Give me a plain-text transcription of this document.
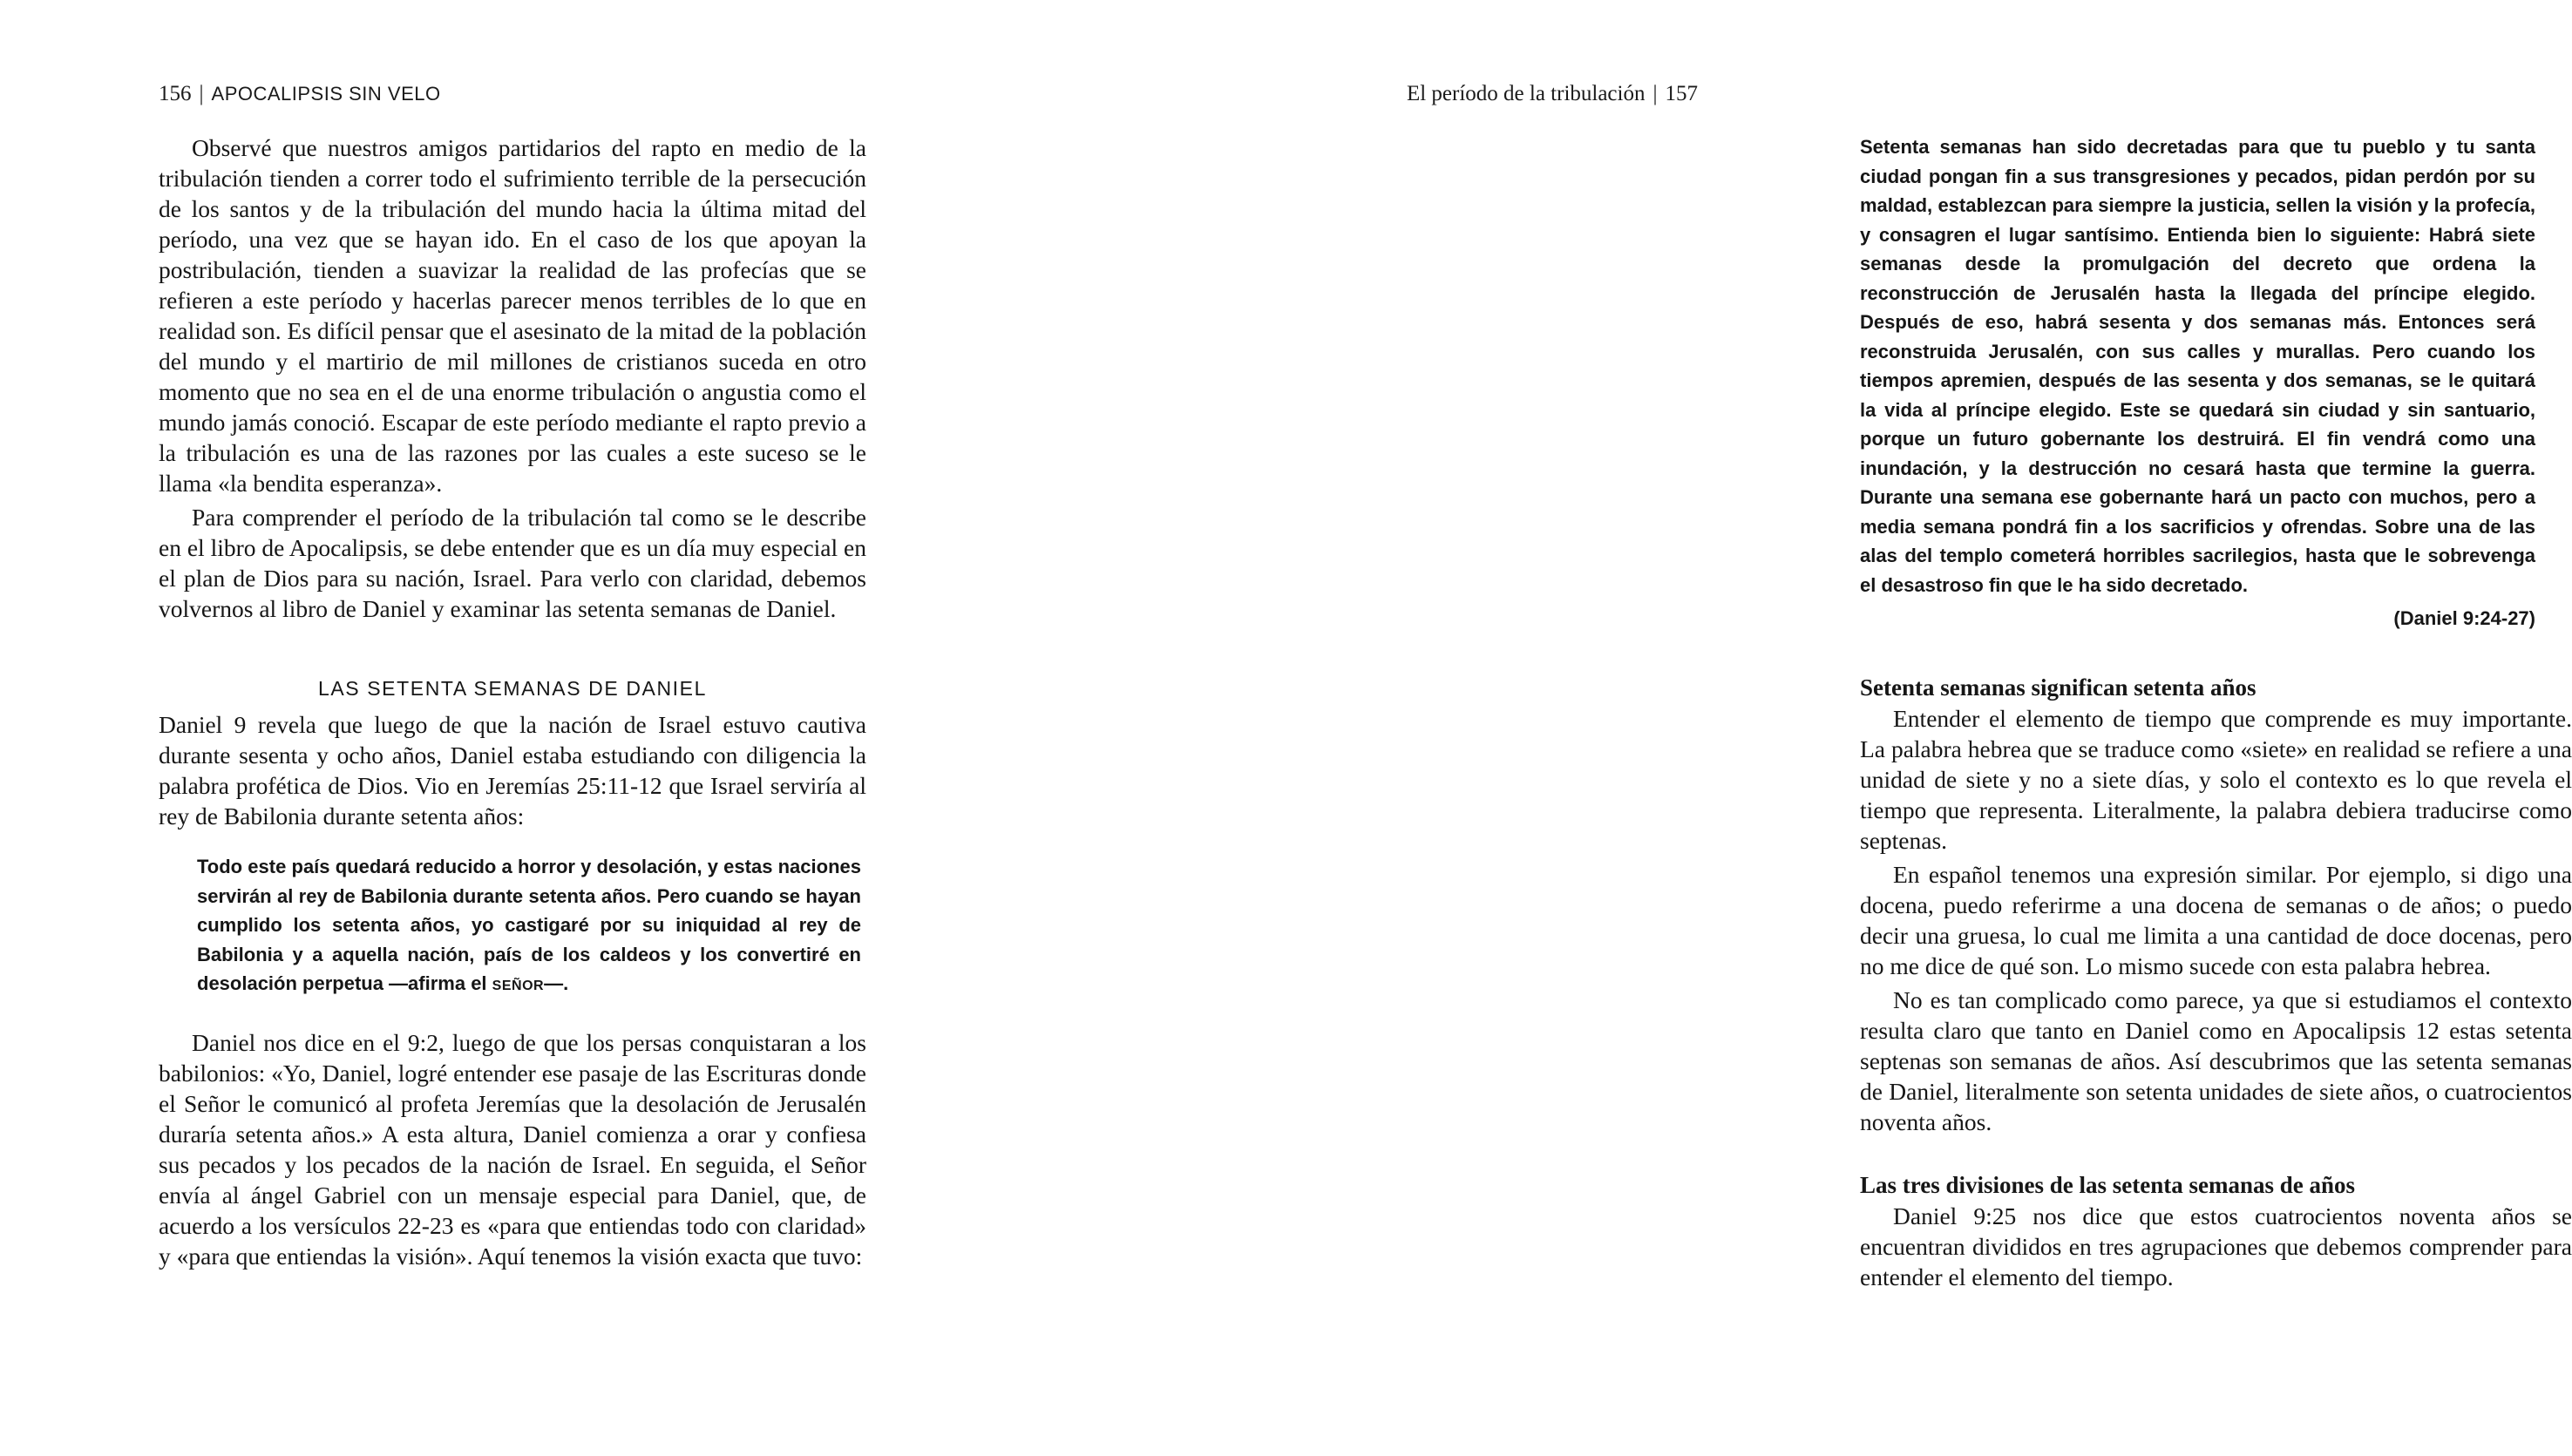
156 | APOCALIPSIS SIN VELO

Observé que nuestros amigos partidarios del rapto en medio de la tribulación tienden a correr todo el sufrimiento terrible de la persecución de los santos y de la tribulación del mundo hacia la última mitad del período, una vez que se hayan ido. En el caso de los que apoyan la postribulación, tienden a suavizar la realidad de las profecías que se refieren a este período y hacerlas parecer menos terribles de lo que en realidad son. Es difícil pensar que el asesinato de la mitad de la población del mundo y el martirio de mil millones de cristianos suceda en otro momento que no sea en el de una enorme tribulación o angustia como el mundo jamás conoció. Escapar de este período mediante el rapto previo a la tribulación es una de las razones por las cuales a este suceso se le llama «la bendita esperanza».

Para comprender el período de la tribulación tal como se le describe en el libro de Apocalipsis, se debe entender que es un día muy especial en el plan de Dios para su nación, Israel. Para verlo con claridad, debemos volvernos al libro de Daniel y examinar las setenta semanas de Daniel.

LAS SETENTA SEMANAS DE DANIEL

Daniel 9 revela que luego de que la nación de Israel estuvo cautiva durante sesenta y ocho años, Daniel estaba estudiando con diligencia la palabra profética de Dios. Vio en Jeremías 25:11-12 que Israel serviría al rey de Babilonia durante setenta años:

Todo este país quedará reducido a horror y desolación, y estas naciones servirán al rey de Babilonia durante setenta años. Pero cuando se hayan cumplido los setenta años, yo castigaré por su iniquidad al rey de Babilonia y a aquella nación, país de los caldeos y los convertiré en desolación perpetua —afirma el SEÑOR—.

Daniel nos dice en el 9:2, luego de que los persas conquistaran a los babilonios: «Yo, Daniel, logré entender ese pasaje de las Escrituras donde el Señor le comunicó al profeta Jeremías que la desolación de Jerusalén duraría setenta años.» A esta altura, Daniel comienza a orar y confiesa sus pecados y los pecados de la nación de Israel. En seguida, el Señor envía al ángel Gabriel con un mensaje especial para Daniel, que, de acuerdo a los versículos 22-23 es «para que entiendas todo con claridad» y «para que entiendas la visión». Aquí tenemos la visión exacta que tuvo:

El período de la tribulación | 157
Setenta semanas han sido decretadas para que tu pueblo y tu santa ciudad pongan fin a sus transgresiones y pecados, pidan perdón por su maldad, establezcan para siempre la justicia, sellen la visión y la profecía, y consagren el lugar santísimo. Entienda bien lo siguiente: Habrá siete semanas desde la promulgación del decreto que ordena la reconstrucción de Jerusalén hasta la llegada del príncipe elegido. Después de eso, habrá sesenta y dos semanas más. Entonces será reconstruida Jerusalén, con sus calles y murallas. Pero cuando los tiempos apremien, después de las sesenta y dos semanas, se le quitará la vida al príncipe elegido. Este se quedará sin ciudad y sin santuario, porque un futuro gobernante los destruirá. El fin vendrá como una inundación, y la destrucción no cesará hasta que termine la guerra. Durante una semana ese gobernante hará un pacto con muchos, pero a media semana pondrá fin a los sacrificios y ofrendas. Sobre una de las alas del templo cometerá horribles sacrilegios, hasta que le sobrevenga el desastroso fin que le ha sido decretado.
(Daniel 9:24-27)
Setenta semanas significan setenta años

Entender el elemento de tiempo que comprende es muy importante. La palabra hebrea que se traduce como «siete» en realidad se refiere a una unidad de siete y no a siete días, y solo el contexto es lo que revela el tiempo que representa. Literalmente, la palabra debiera traducirse como septenas.

En español tenemos una expresión similar. Por ejemplo, si digo una docena, puedo referirme a una docena de semanas o de años; o puedo decir una gruesa, lo cual me limita a una cantidad de doce docenas, pero no me dice de qué son. Lo mismo sucede con esta palabra hebrea.

No es tan complicado como parece, ya que si estudiamos el contexto resulta claro que tanto en Daniel como en Apocalipsis 12 estas setenta septenas son semanas de años. Así descubrimos que las setenta semanas de Daniel, literalmente son setenta unidades de siete años, o cuatrocientos noventa años.

Las tres divisiones de las setenta semanas de años

Daniel 9:25 nos dice que estos cuatrocientos noventa años se encuentran divididos en tres agrupaciones que debemos comprender para entender el elemento del tiempo.
